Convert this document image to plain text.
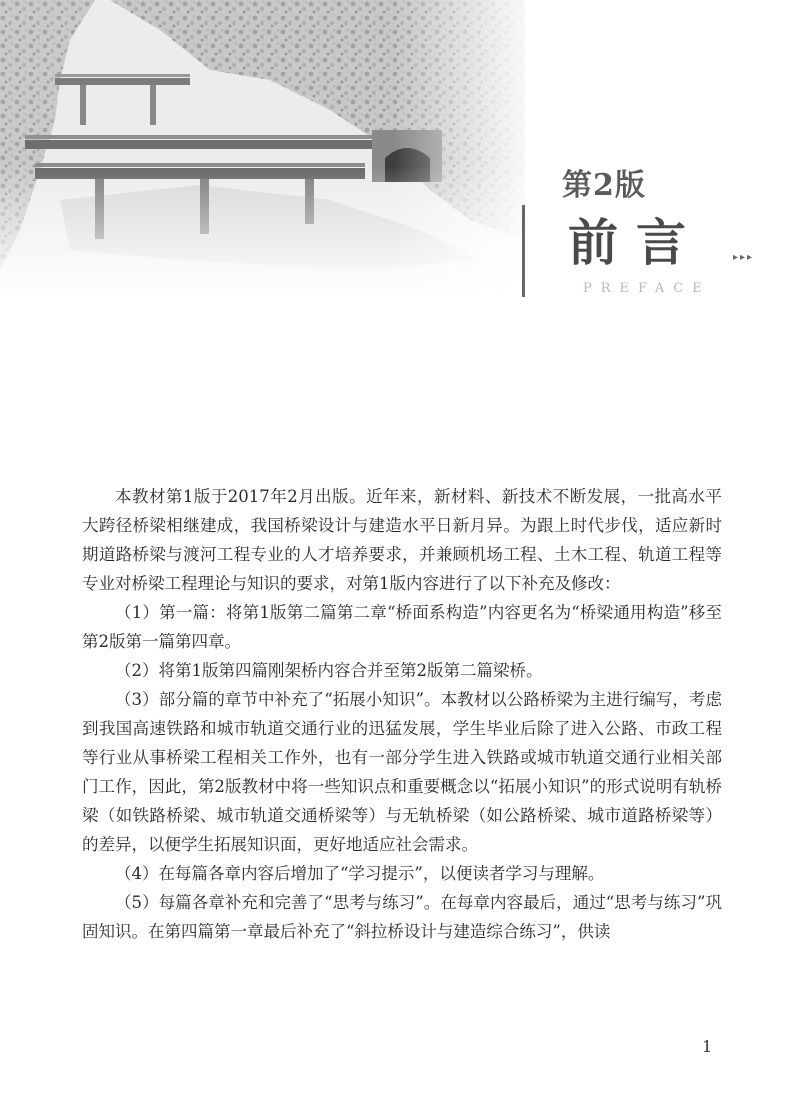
第2版
前言	▸▸▸
PREFACE

本教材第1版于2017年2月出版。近年来，新材料、新技术不断发展，一批高水平大跨径桥梁相继建成，我国桥梁设计与建造水平日新月异。为跟上时代步伐，适应新时期道路桥梁与渡河工程专业的人才培养要求，并兼顾机场工程、土木工程、轨道工程等专业对桥梁工程理论与知识的要求，对第1版内容进行了以下补充及修改：

（1）第一篇：将第1版第二篇第二章“桥面系构造”内容更名为“桥梁通用构造”移至第2版第一篇第四章。

（2）将第1版第四篇刚架桥内容合并至第2版第二篇梁桥。

（3）部分篇的章节中补充了“拓展小知识”。本教材以公路桥梁为主进行编写，考虑到我国高速铁路和城市轨道交通行业的迅猛发展，学生毕业后除了进入公路、市政工程等行业从事桥梁工程相关工作外，也有一部分学生进入铁路或城市轨道交通行业相关部门工作，因此，第2版教材中将一些知识点和重要概念以“拓展小知识”的形式说明有轨桥梁（如铁路桥梁、城市轨道交通桥梁等）与无轨桥梁（如公路桥梁、城市道路桥梁等）的差异，以便学生拓展知识面，更好地适应社会需求。

（4）在每篇各章内容后增加了“学习提示”，以便读者学习与理解。

（5）每篇各章补充和完善了“思考与练习”。在每章内容最后，通过“思考与练习”巩固知识。在第四篇第一章最后补充了“斜拉桥设计与建造综合练习”，供读

1
